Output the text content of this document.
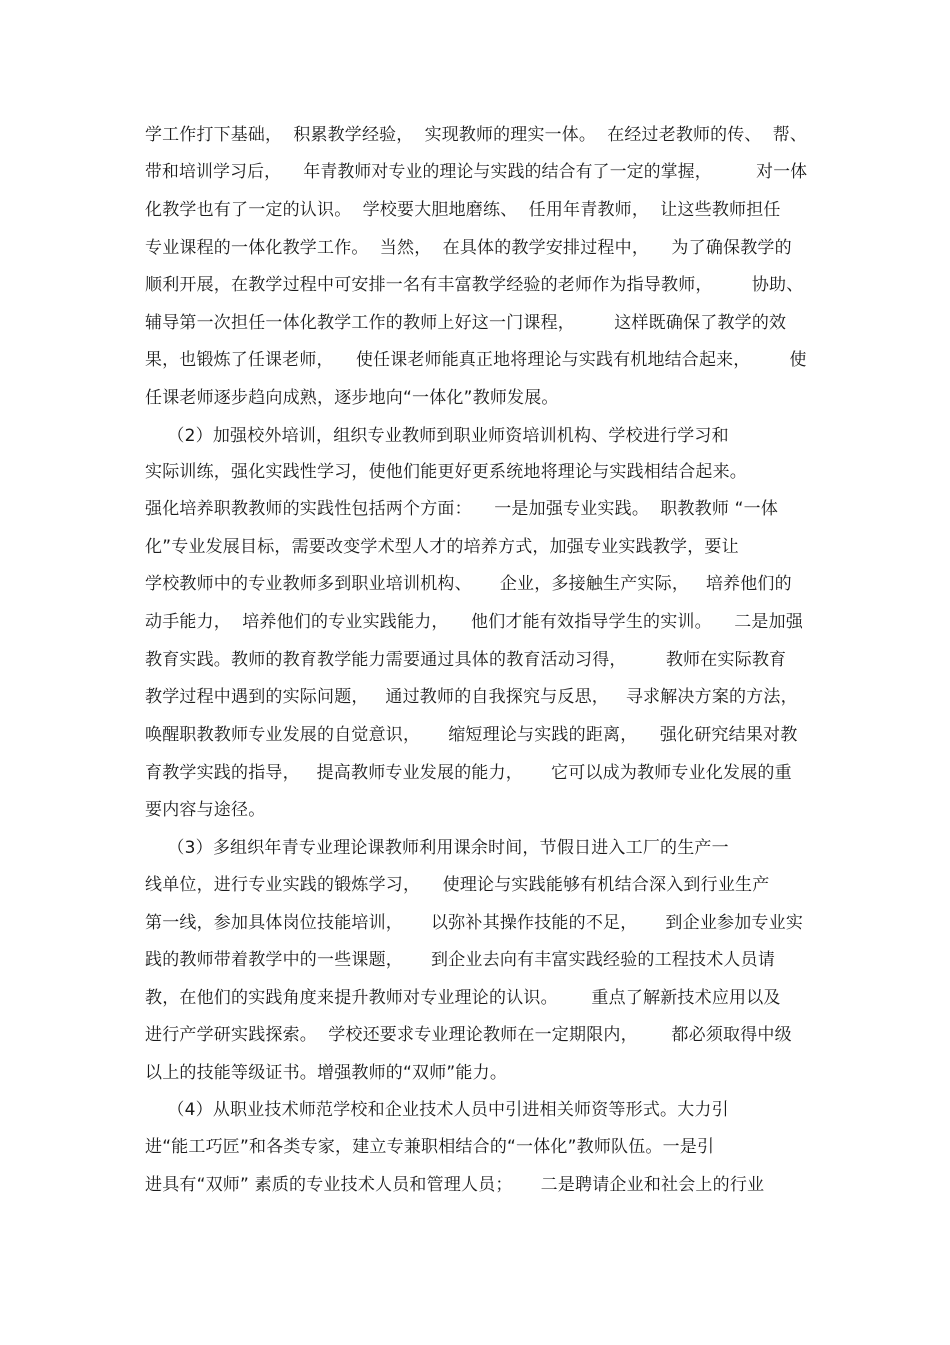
学工作打下基础，  积累教学经验，  实现教师的理实一体。  在经过老教师的传、  帮、
带和培训学习后，    年青教师对专业的理论与实践的结合有了一定的掌握，        对一体
化教学也有了一定的认识。  学校要大胆地磨练、  任用年青教师，  让这些教师担任
专业课程的一体化教学工作。  当然，  在具体的教学安排过程中，    为了确保教学的
顺利开展，在教学过程中可安排一名有丰富教学经验的老师作为指导教师，       协助、
辅导第一次担任一体化教学工作的教师上好这一门课程，       这样既确保了教学的效
果，也锻炼了任课老师，    使任课老师能真正地将理论与实践有机地结合起来，       使
任课老师逐步趋向成熟，逐步地向“一体化”教师发展。
（2）加强校外培训，组织专业教师到职业师资培训机构、学校进行学习和
实际训练，强化实践性学习，使他们能更好更系统地将理论与实践相结合起来。
强化培养职教教师的实践性包括两个方面：    一是加强专业实践。  职教教师 “一体
化”专业发展目标，需要改变学术型人才的培养方式，加强专业实践教学，要让
学校教师中的专业教师多到职业培训机构、     企业，多接触生产实际，   培养他们的
动手能力，  培养他们的专业实践能力，    他们才能有效指导学生的实训。    二是加强
教育实践。教师的教育教学能力需要通过具体的教育活动习得，       教师在实际教育
教学过程中遇到的实际问题，   通过教师的自我探究与反思，   寻求解决方案的方法，
唤醒职教教师专业发展的自觉意识，     缩短理论与实践的距离，    强化研究结果对教
育教学实践的指导，   提高教师专业发展的能力，     它可以成为教师专业化发展的重
要内容与途径。
（3）多组织年青专业理论课教师利用课余时间，节假日进入工厂的生产一
线单位，进行专业实践的锻炼学习，    使理论与实践能够有机结合深入到行业生产
第一线，参加具体岗位技能培训，     以弥补其操作技能的不足，     到企业参加专业实
践的教师带着教学中的一些课题，     到企业去向有丰富实践经验的工程技术人员请
教，在他们的实践角度来提升教师对专业理论的认识。      重点了解新技术应用以及
进行产学研实践探索。  学校还要求专业理论教师在一定期限内，      都必须取得中级
以上的技能等级证书。增强教师的“双师”能力。
（4）从职业技术师范学校和企业技术人员中引进相关师资等形式。大力引
进“能工巧匠”和各类专家，建立专兼职相结合的“一体化”教师队伍。一是引
进具有“双师” 素质的专业技术人员和管理人员；     二是聘请企业和社会上的行业
